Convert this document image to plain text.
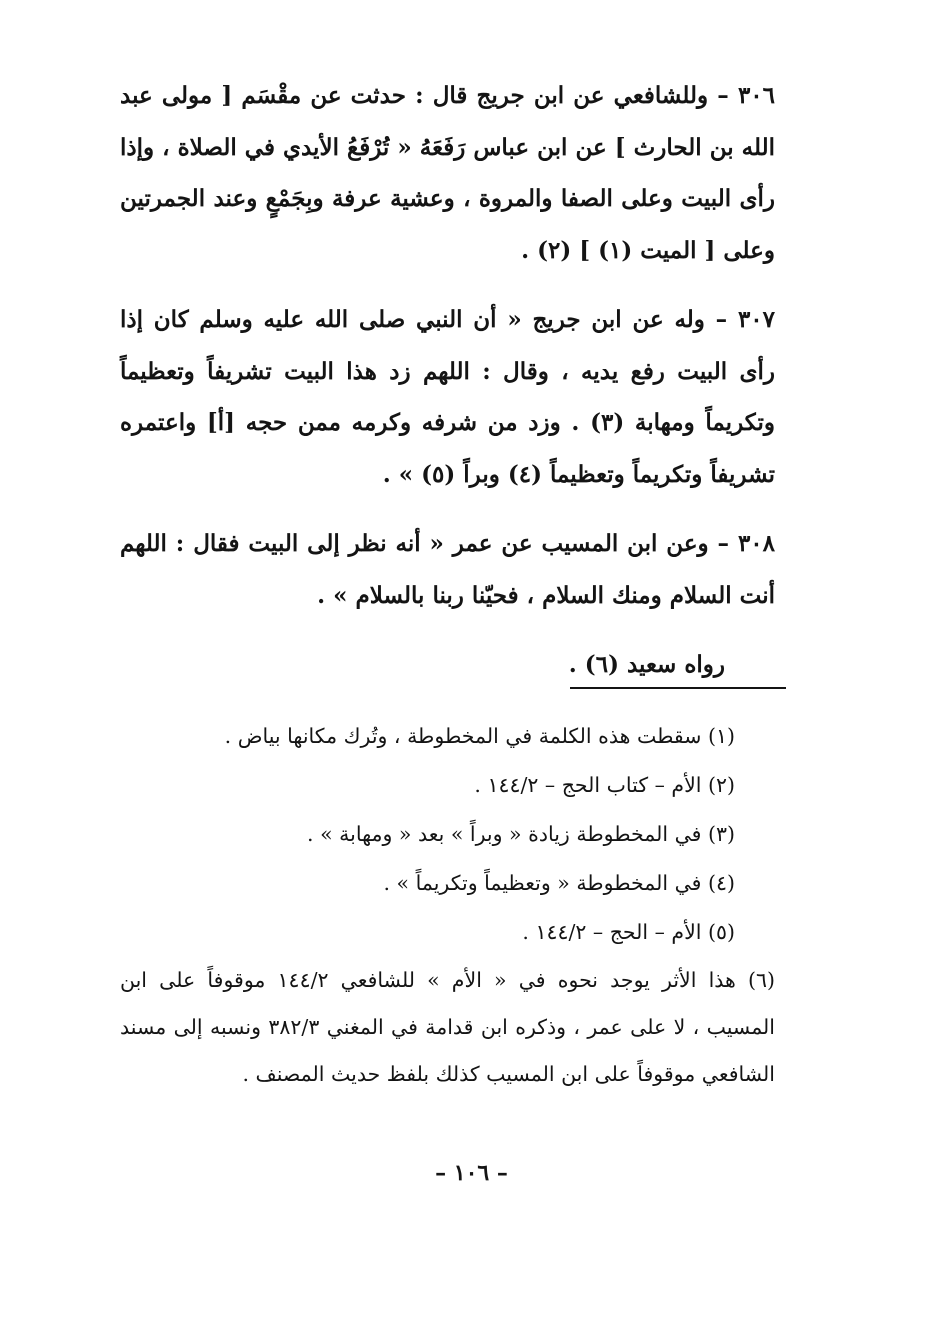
٣٠٦ – وللشافعي عن ابن جريج قال : حدثت عن مقْسَم [ مولى عبد الله بن الحارث ] عن ابن عباس رَفَعَهُ « تُرْفَعُ الأيدي في الصلاة ، وإذا رأى البيت وعلى الصفا والمروة ، وعشية عرفة وبِجَمْعٍ وعند الجمرتين وعلى [ الميت (١) ] (٢) .

٣٠٧ – وله عن ابن جريج « أن النبي صلى الله عليه وسلم كان إذا رأى البيت رفع يديه ، وقال : اللهم زد هذا البيت تشريفاً وتعظيماً وتكريماً ومهابة (٣) . وزد من شرفه وكرمه ممن حجه [أ] واعتمره تشريفاً وتكريماً وتعظيماً (٤) وبراً (٥) » .

٣٠٨ – وعن ابن المسيب عن عمر « أنه نظر إلى البيت فقال : اللهم أنت السلام ومنك السلام ، فحيّنا ربنا بالسلام » .

رواه سعيد (٦) .

(١) سقطت هذه الكلمة في المخطوطة ، وتُرك مكانها بياض .

(٢) الأم – كتاب الحج – ١٤٤/٢ .

(٣) في المخطوطة زيادة « وبراً » بعد « ومهابة » .

(٤) في المخطوطة « وتعظيماً وتكريماً » .

(٥) الأم – الحج – ١٤٤/٢ .

(٦) هذا الأثر يوجد نحوه في « الأم » للشافعي ١٤٤/٢ موقوفاً على ابن المسيب ، لا على عمر ، وذكره ابن قدامة في المغني ٣٨٢/٣ ونسبه إلى مسند الشافعي موقوفاً على ابن المسيب كذلك بلفظ حديث المصنف .

– ١٠٦ –
